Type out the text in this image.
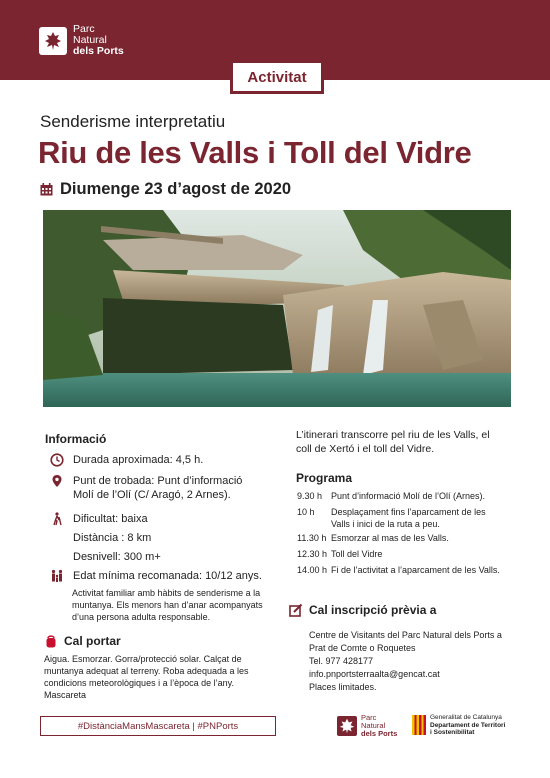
Parc
Natural
dels Ports
Activitat
Senderisme interpretatiu
Riu de les Valls i Toll del Vidre
Diumenge 23 d’agost de 2020
Informació
Durada aproximada: 4,5 h.
Punt de trobada: Punt d’informació
Molí de l’Olí (C/ Aragó, 2 Arnes).
Dificultat: baixa
Distància : 8 km
Desnivell: 300 m+
Edat mínima recomanada: 10/12 anys.
Activitat familiar amb hàbits de senderisme a la
muntanya. Els menors han d’anar acompanyats
d’una persona adulta responsable.
Cal portar
Aigua. Esmorzar. Gorra/protecció solar. Calçat de
muntanya adequat al terreny. Roba adequada a les
condicions meteorològiques i a l’època de l’any.
Mascareta
L’itinerari transcorre pel riu de les Valls, el
coll de Xertó i el toll del Vidre.
Programa
9.30 h Punt d’informació Molí de l’Olí (Arnes).
10 h	Desplaçament fins l’aparcament de les
Valls i inici de la ruta a peu.
11.30 h Esmorzar al mas de les Valls.
12.30 h Toll del Vidre
14.00 h Fi de l’activitat a l’aparcament de les Valls.
Cal inscripció prèvia a
Centre de Visitants del Parc Natural dels Ports a
Prat de Comte o Roquetes
Tel. 977 428177
info.pnportsterraalta@gencat.cat
Places limitades.
#DistànciaMansMascareta | #PNPorts
Parc
Natural
dels Ports
Generalitat de Catalunya
Departament de Territori
i Sostenibilitat
